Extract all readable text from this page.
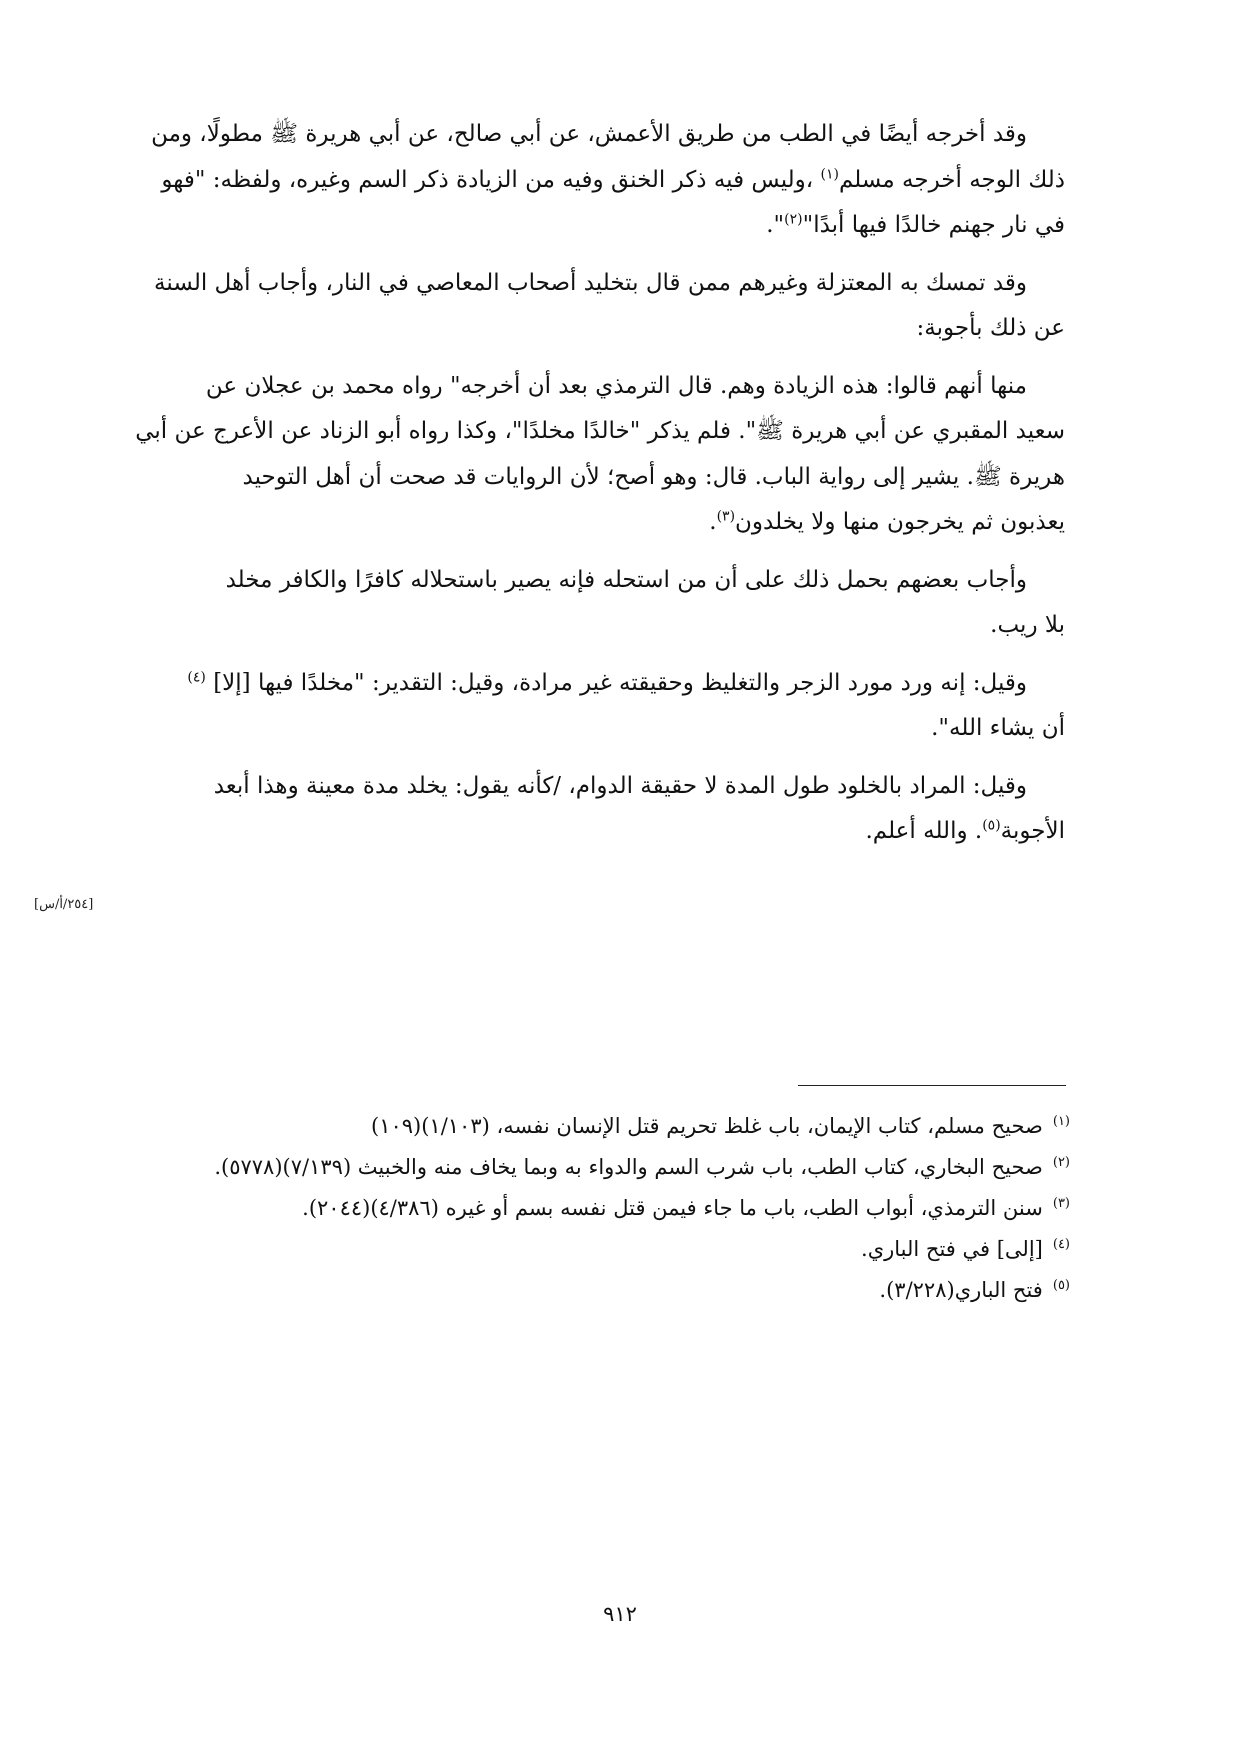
وقد أخرجه أيضًا في الطب من طريق الأعمش، عن أبي صالح، عن أبي هريرة ﷺ مطولًا، ومن
ذلك الوجه أخرجه مسلم$^{(١)}$ ،وليس فيه ذكر الخنق وفيه من الزيادة ذكر السم وغيره، ولفظه: "فهو
في نار جهنم خالدًا فيها أبدًا"$^{(٢)}$".

وقد تمسك به المعتزلة وغيرهم ممن قال بتخليد أصحاب المعاصي في النار، وأجاب أهل السنة
عن ذلك بأجوبة:

منها أنهم قالوا: هذه الزيادة وهم. قال الترمذي بعد أن أخرجه" رواه محمد بن عجلان عن
سعيد المقبري عن أبي هريرة ﷺ". فلم يذكر "خالدًا مخلدًا"، وكذا رواه أبو الزناد عن الأعرج عن أبي
هريرة ﷺ. يشير إلى رواية الباب. قال: وهو أصح؛ لأن الروايات قد صحت أن أهل التوحيد
يعذبون ثم يخرجون منها ولا يخلدون$^{(٣)}$.

وأجاب بعضهم بحمل ذلك على أن من استحله فإنه يصير باستحلاله كافرًا والكافر مخلد
بلا ريب.

وقيل: إنه ورد مورد الزجر والتغليظ وحقيقته غير مرادة، وقيل: التقدير: "مخلدًا فيها [إلا] $^{(٤)}$
أن يشاء الله".

وقيل: المراد بالخلود طول المدة لا حقيقة الدوام، /كأنه يقول: يخلد مدة معينة وهذا أبعد
الأجوبة$^{(٥)}$. والله أعلم.

[٢٥٤/أ/س]
$^{(١)}$صحيح مسلم، كتاب الإيمان، باب غلظ تحريم قتل الإنسان نفسه، (١/١٠٣)(١٠٩)
$^{(٢)}$صحيح البخاري، كتاب الطب، باب شرب السم والدواء به وبما يخاف منه والخبيث (٧/١٣٩)(٥٧٧٨).
$^{(٣)}$سنن الترمذي، أبواب الطب، باب ما جاء فيمن قتل نفسه بسم أو غيره (٤/٣٨٦)(٢٠٤٤).
$^{(٤)}$[إلى] في فتح الباري.
$^{(٥)}$فتح الباري(٣/٢٢٨).
٩١٢
